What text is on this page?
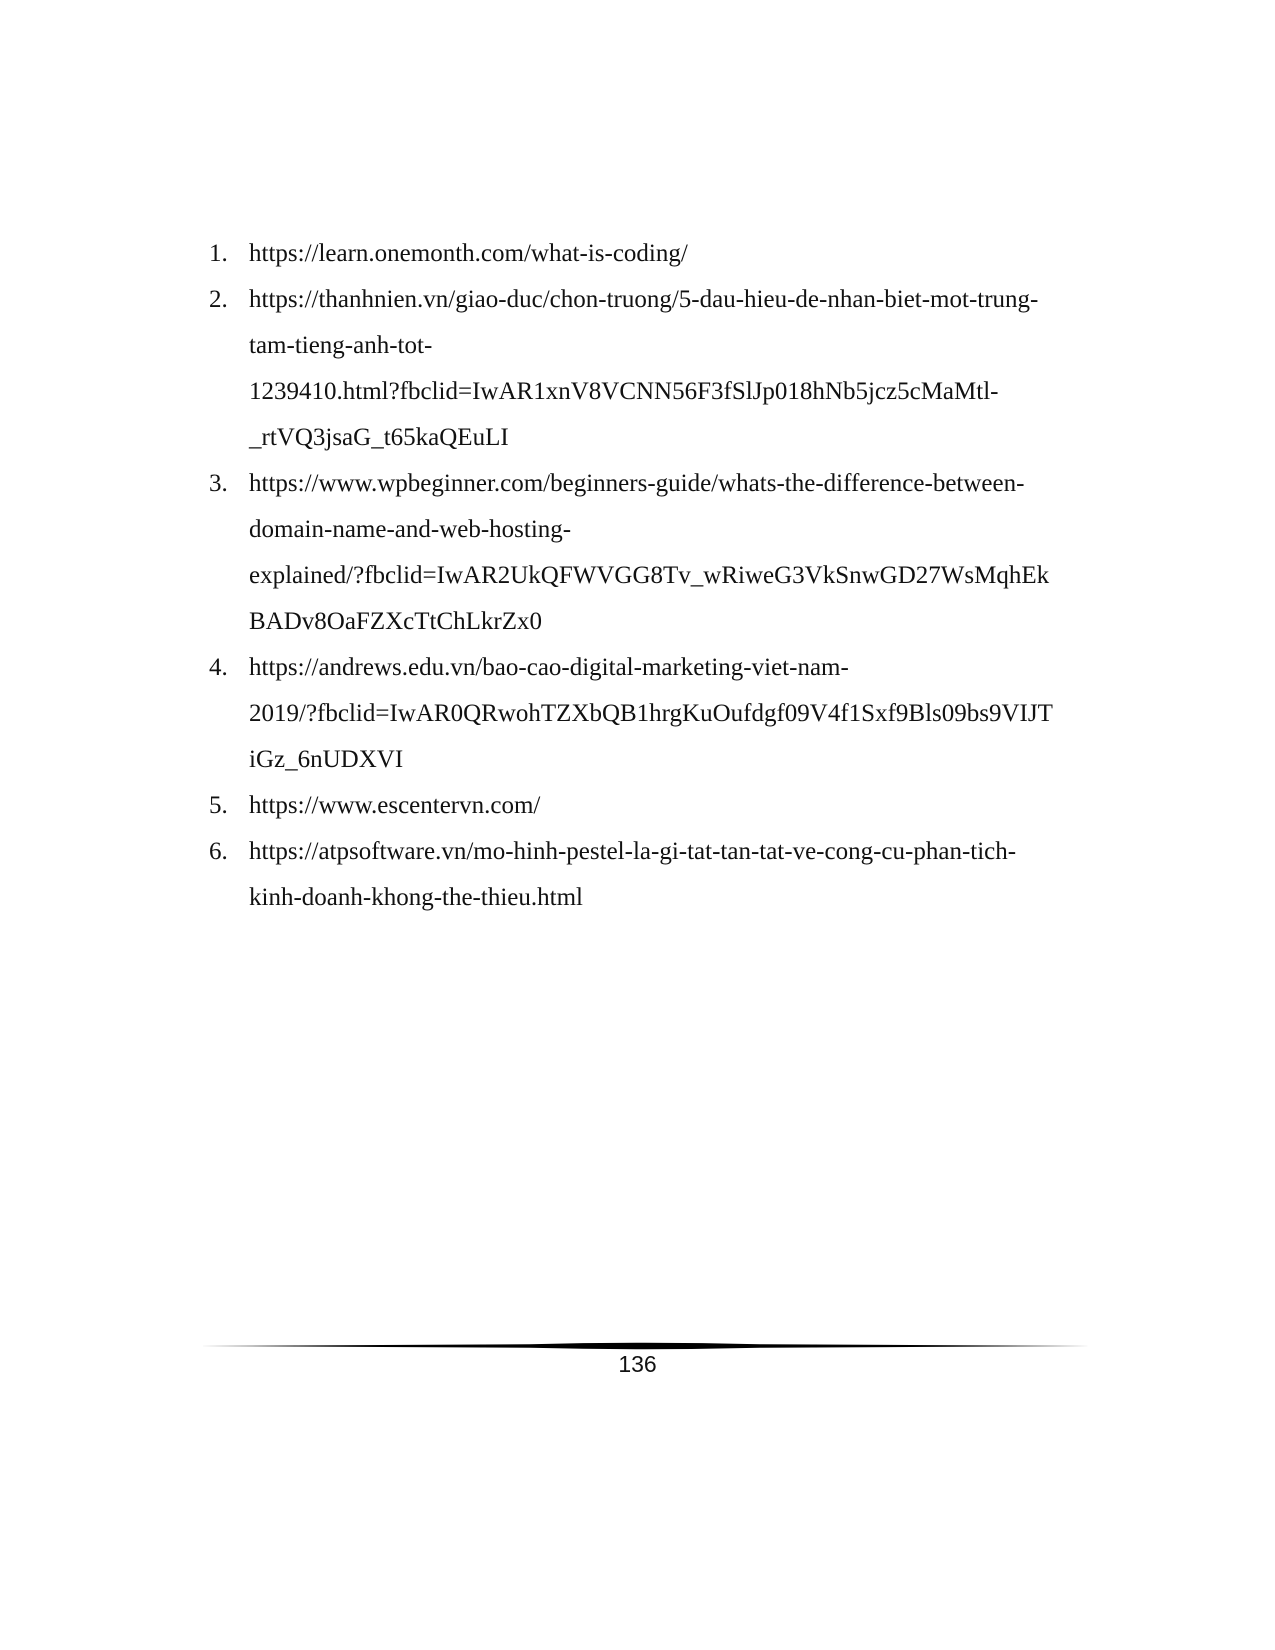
1. https://learn.onemonth.com/what-is-coding/
2. https://thanhnien.vn/giao-duc/chon-truong/5-dau-hieu-de-nhan-biet-mot-trung-
tam-tieng-anh-tot-
1239410.html?fbclid=IwAR1xnV8VCNN56F3fSlJp018hNb5jcz5cMaMtl-
_rtVQ3jsaG_t65kaQEuLI
3. https://www.wpbeginner.com/beginners-guide/whats-the-difference-between-
domain-name-and-web-hosting-
explained/?fbclid=IwAR2UkQFWVGG8Tv_wRiweG3VkSnwGD27WsMqhEk
BADv8OaFZXcTtChLkrZx0
4. https://andrews.edu.vn/bao-cao-digital-marketing-viet-nam-
2019/?fbclid=IwAR0QRwohTZXbQB1hrgKuOufdgf09V4f1Sxf9Bls09bs9VIJT
iGz_6nUDXVI
5. https://www.escentervn.com/
6. https://atpsoftware.vn/mo-hinh-pestel-la-gi-tat-tan-tat-ve-cong-cu-phan-tich-
kinh-doanh-khong-the-thieu.html
136
